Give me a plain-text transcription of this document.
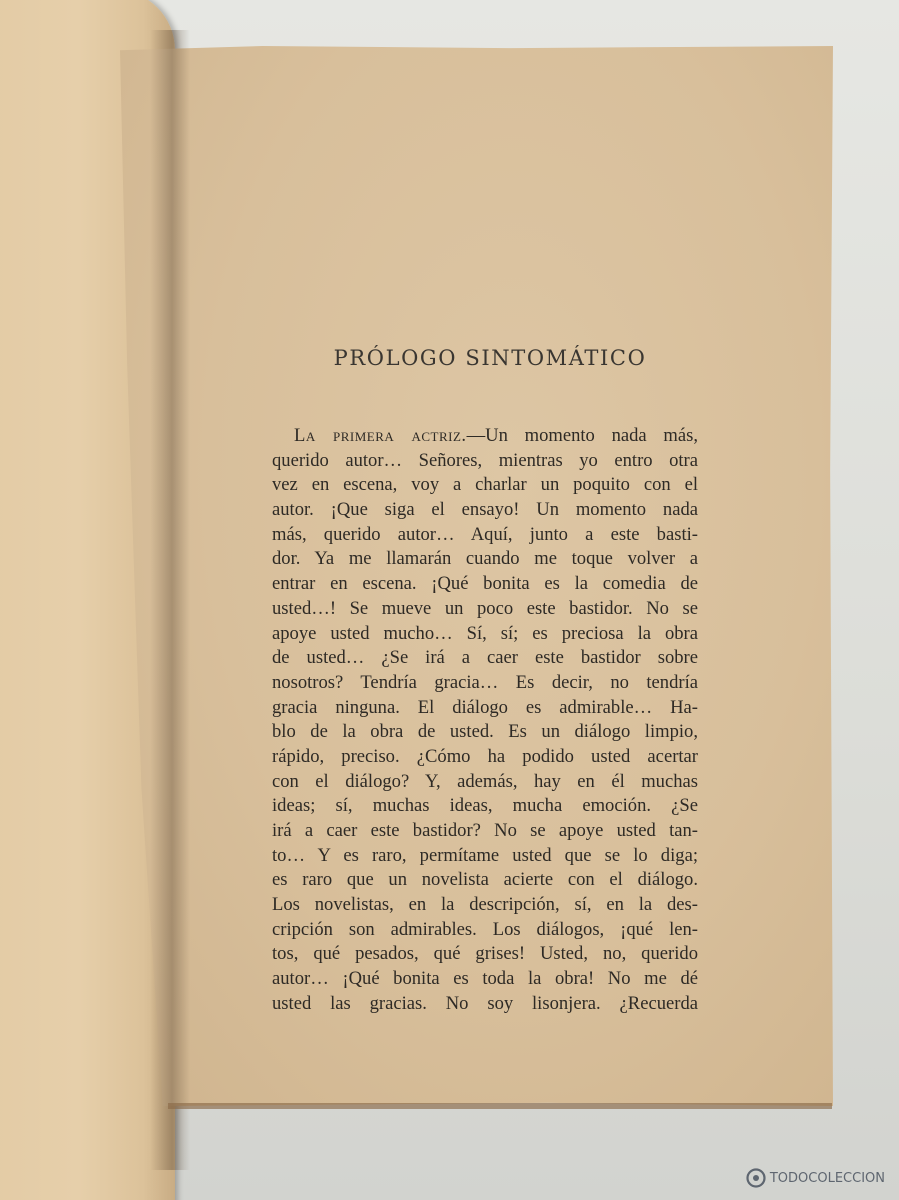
PRÓLOGO SINTOMÁTICO
La primera actriz.—Un momento nada más,
querido autor… Señores, mientras yo entro otra
vez en escena, voy a charlar un poquito con el
autor. ¡Que siga el ensayo! Un momento nada
más, querido autor… Aquí, junto a este basti-
dor. Ya me llamarán cuando me toque volver a
entrar en escena. ¡Qué bonita es la comedia de
usted…! Se mueve un poco este bastidor. No se
apoye usted mucho… Sí, sí; es preciosa la obra
de usted… ¿Se irá a caer este bastidor sobre
nosotros? Tendría gracia… Es decir, no tendría
gracia ninguna. El diálogo es admirable… Ha-
blo de la obra de usted. Es un diálogo limpio,
rápido, preciso. ¿Cómo ha podido usted acertar
con el diálogo? Y, además, hay en él muchas
ideas; sí, muchas ideas, mucha emoción. ¿Se
irá a caer este bastidor? No se apoye usted tan-
to… Y es raro, permítame usted que se lo diga;
es raro que un novelista acierte con el diálogo.
Los novelistas, en la descripción, sí, en la des-
cripción son admirables. Los diálogos, ¡qué len-
tos, qué pesados, qué grises! Usted, no, querido
autor… ¡Qué bonita es toda la obra! No me dé
usted las gracias. No soy lisonjera. ¿Recuerda
TODOCOLECCION
